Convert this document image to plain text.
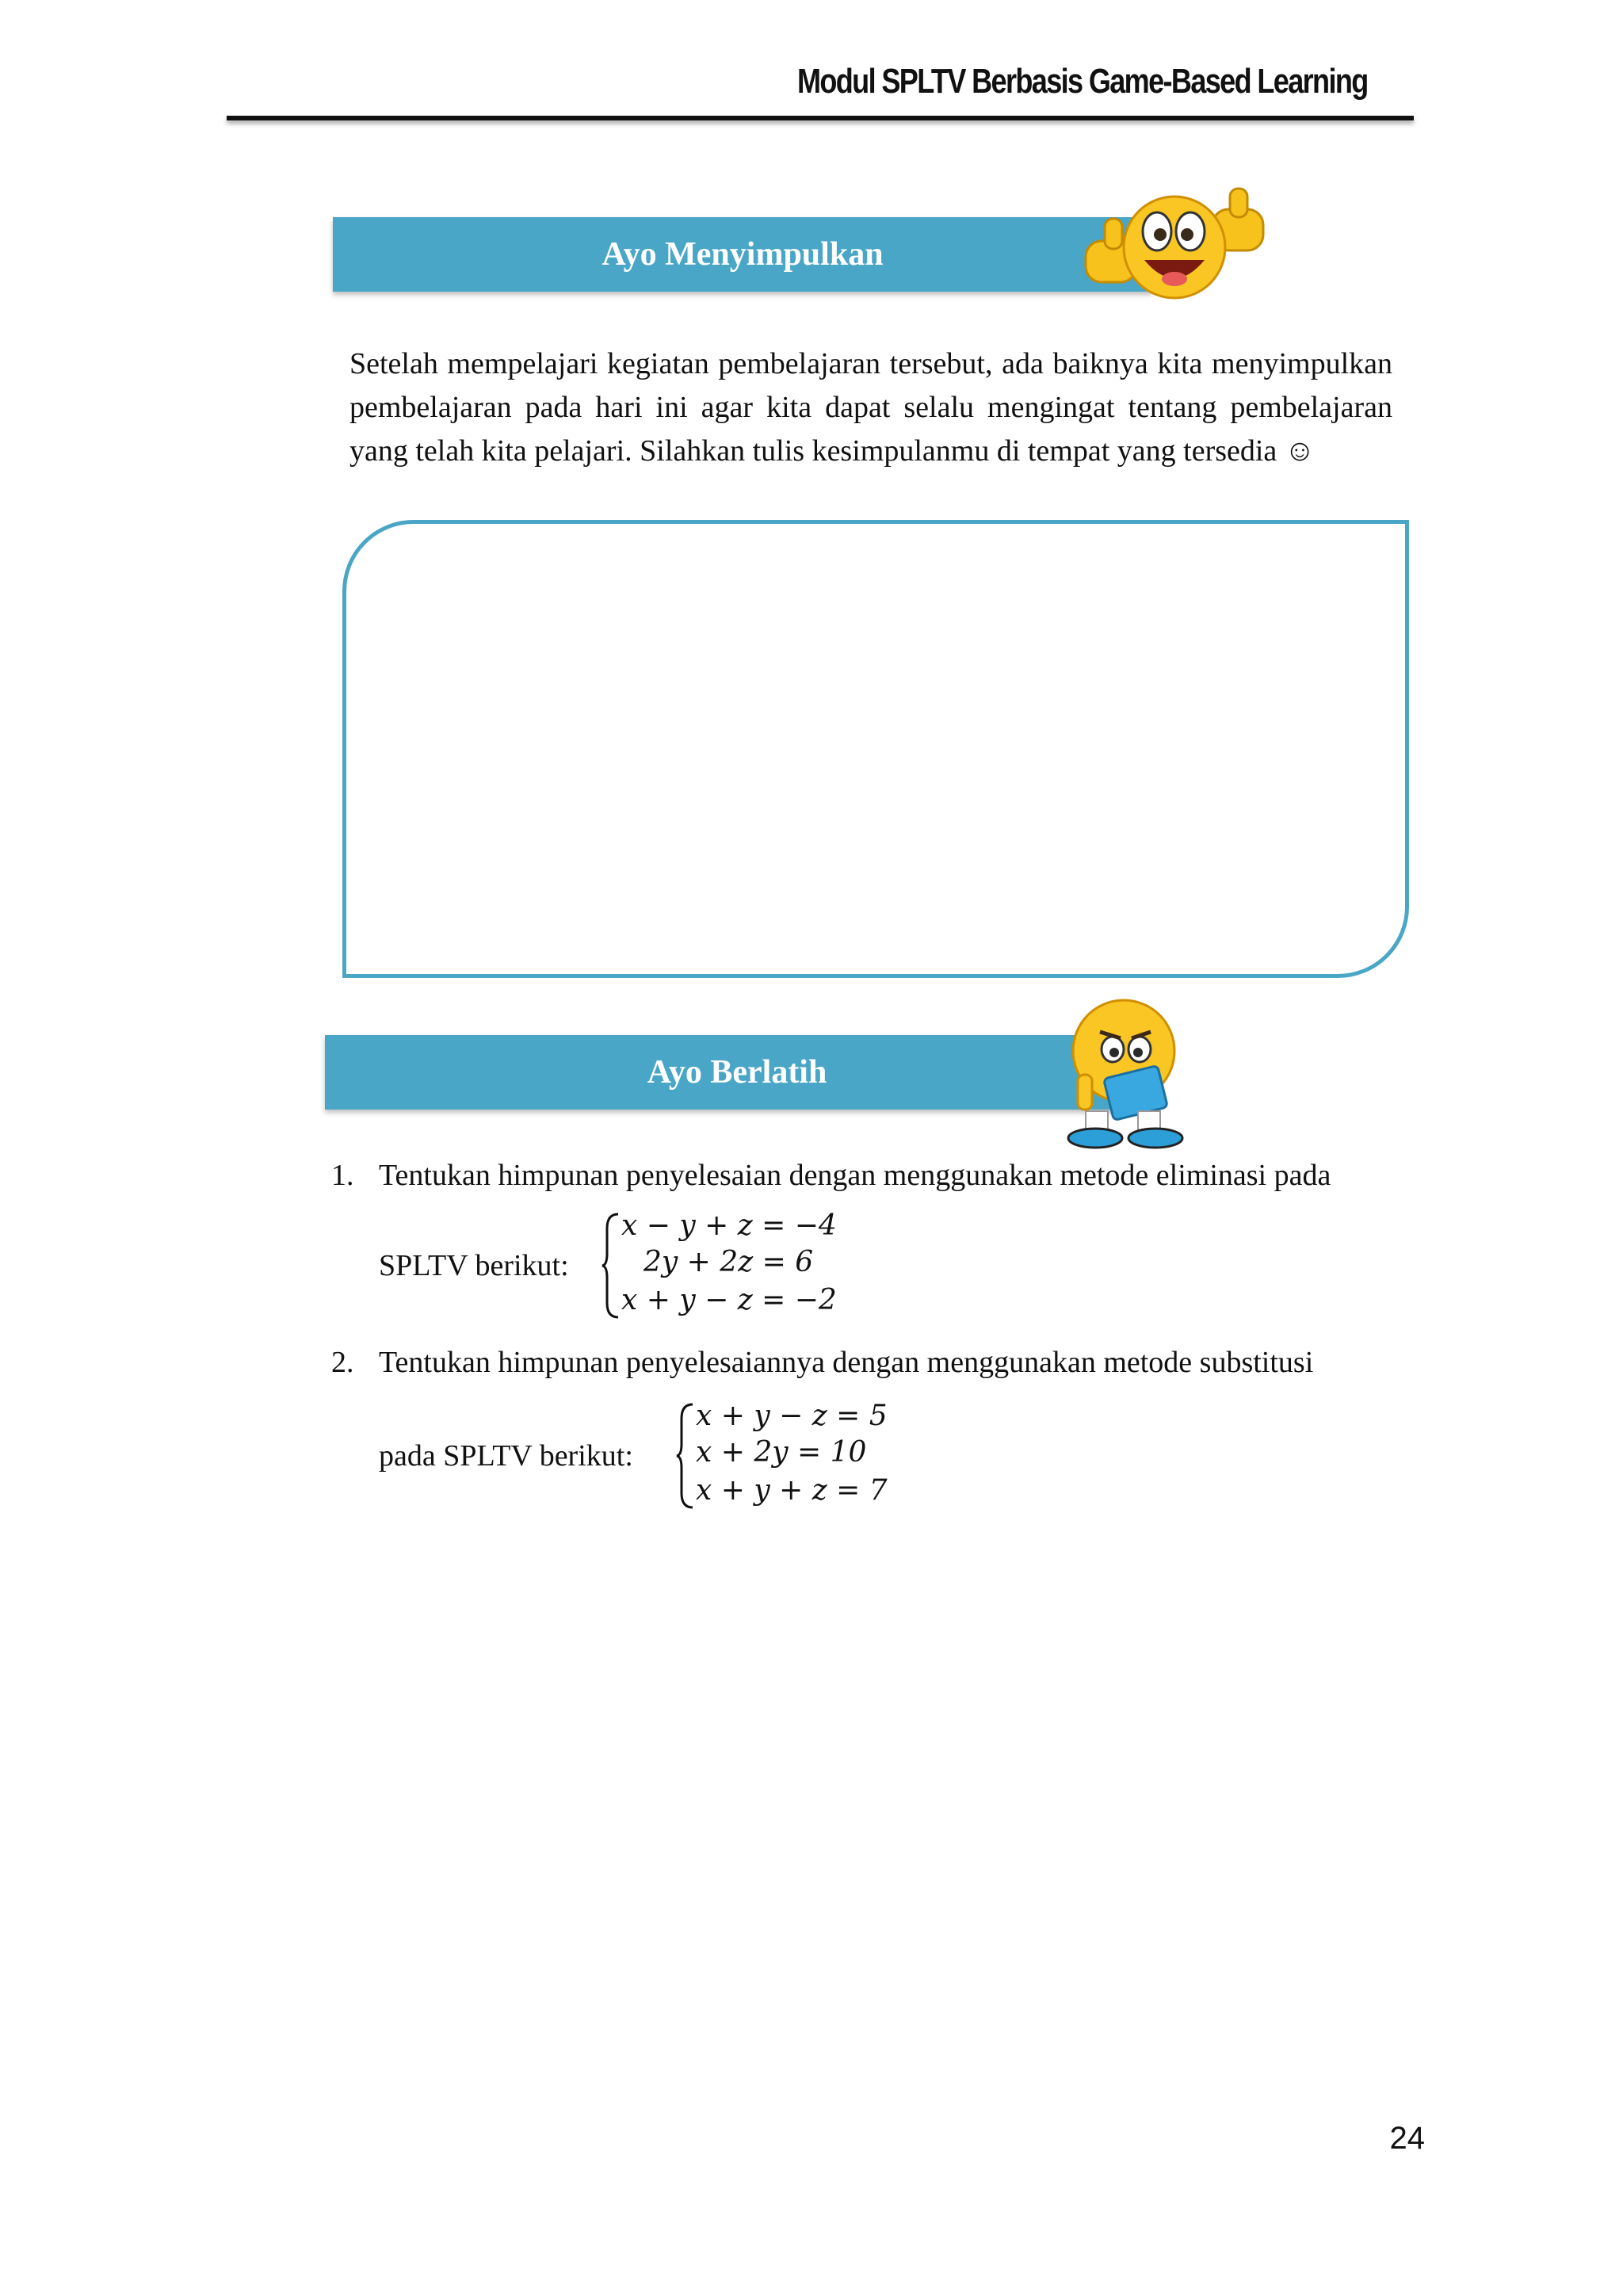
Modul SPLTV Berbasis Game-Based Learning
Ayo Menyimpulkan
Setelah mempelajari kegiatan pembelajaran tersebut, ada baiknya kita menyimpulkan pembelajaran pada hari ini agar kita dapat selalu mengingat tentang pembelajaran yang telah kita pelajari. Silahkan tulis kesimpulanmu di tempat yang tersedia ☺
Ayo Berlatih
1. Tentukan himpunan penyelesaian dengan menggunakan metode eliminasi pada
SPLTV berikut:
x − y + z = −4
2y + 2z = 6
x + y − z = −2
2. Tentukan himpunan penyelesaiannya dengan menggunakan metode substitusi
pada SPLTV berikut:
x + y − z = 5
x + 2y = 10
x + y + z = 7
24
